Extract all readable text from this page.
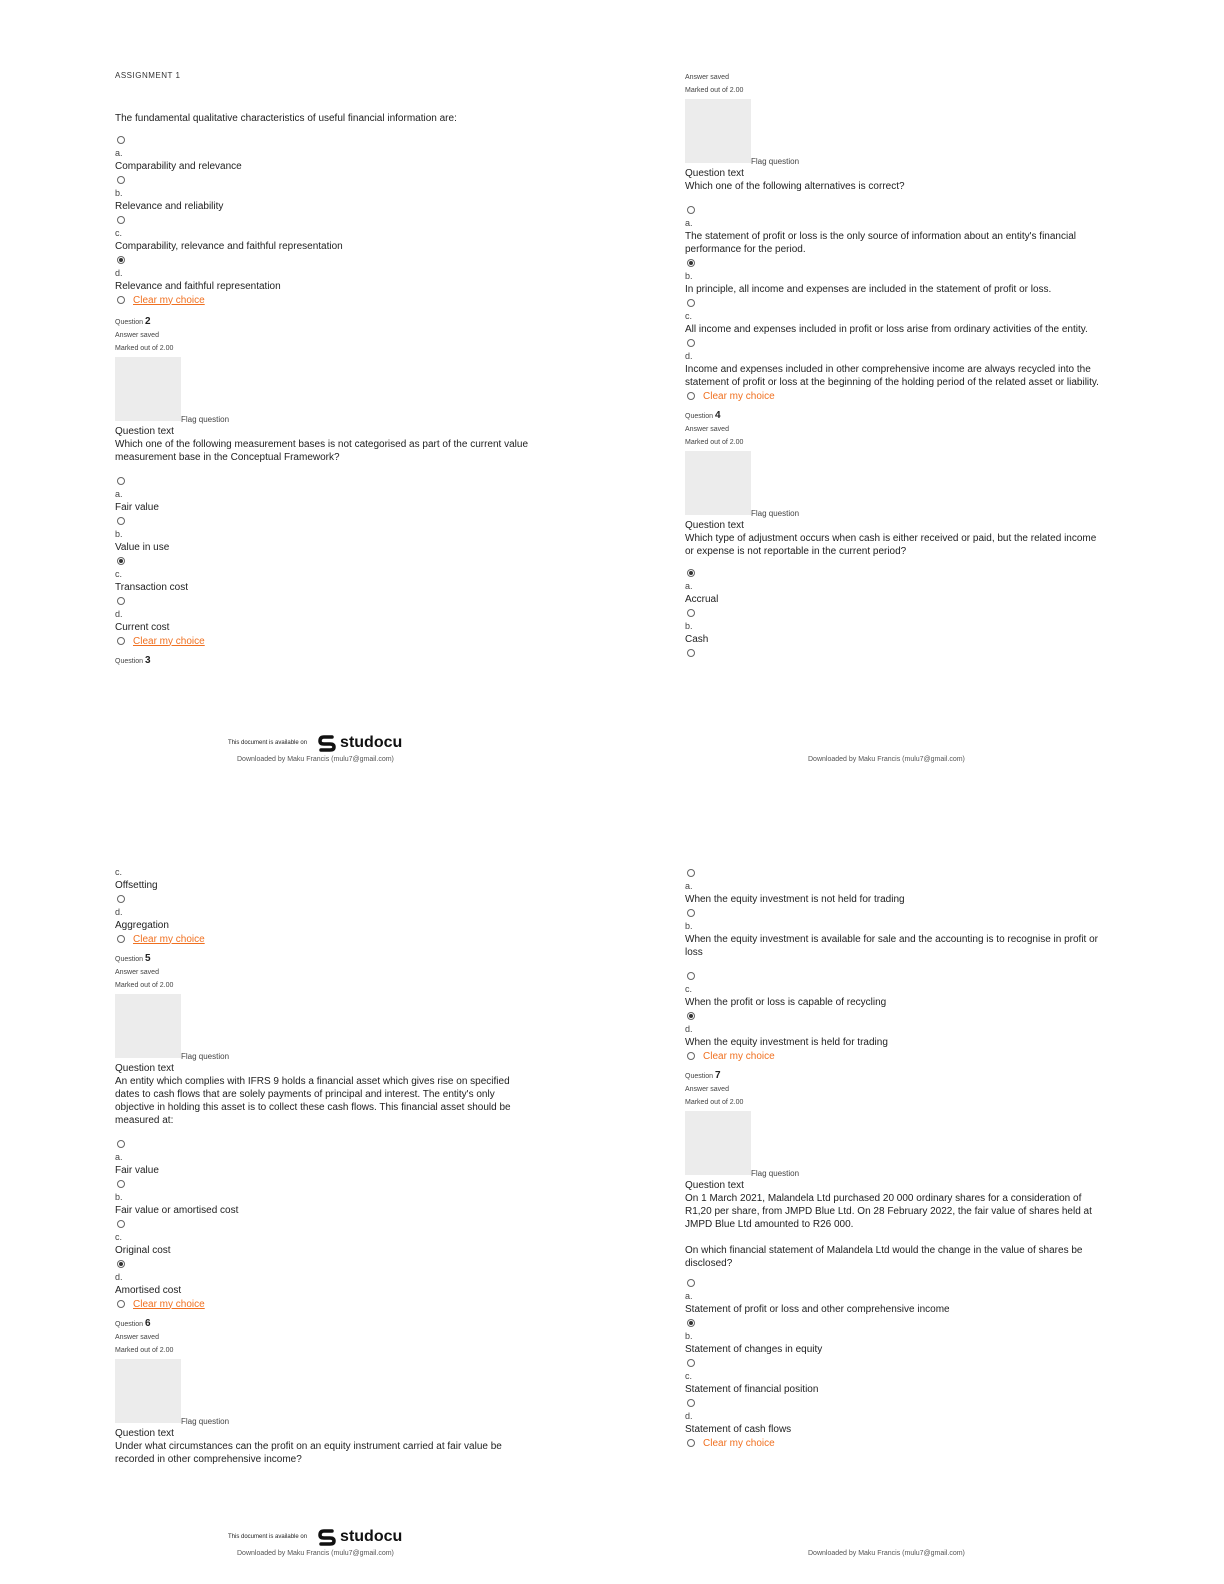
ASSIGNMENT 1
The fundamental qualitative characteristics of useful financial information are:
a.
Comparability and relevance
b.
Relevance and reliability
c.
Comparability, relevance and faithful representation
d.
Relevance and faithful representation
Clear my choice
Question 2
Answer saved
Marked out of 2.00
Flag question
Question text
Which one of the following measurement bases is not categorised as part of the current value measurement base in the Conceptual Framework?
a.
Fair value
b.
Value in use
c.
Transaction cost
d.
Current cost
Clear my choice
Question 3
This document is available on studocu
Downloaded by Maku Francis (mulu7@gmail.com)
Answer saved
Marked out of 2.00
Flag question
Question text
Which one of the following alternatives is correct?
a.
The statement of profit or loss is the only source of information about an entity's financial performance for the period.
b.
In principle, all income and expenses are included in the statement of profit or loss.
c.
All income and expenses included in profit or loss arise from ordinary activities of the entity.
d.
Income and expenses included in other comprehensive income are always recycled into the statement of profit or loss at the beginning of the holding period of the related asset or liability.
Clear my choice
Question 4
Answer saved
Marked out of 2.00
Flag question
Question text
Which type of adjustment occurs when cash is either received or paid, but the related income or expense is not reportable in the current period?
a.
Accrual
b.
Cash
Downloaded by Maku Francis (mulu7@gmail.com)
c.
Offsetting
d.
Aggregation
Clear my choice
Question 5
Answer saved
Marked out of 2.00
Flag question
Question text
An entity which complies with IFRS 9 holds a financial asset which gives rise on specified dates to cash flows that are solely payments of principal and interest. The entity's only objective in holding this asset is to collect these cash flows. This financial asset should be measured at:
a.
Fair value
b.
Fair value or amortised cost
c.
Original cost
d.
Amortised cost
Clear my choice
Question 6
Answer saved
Marked out of 2.00
Flag question
Question text
Under what circumstances can the profit on an equity instrument carried at fair value be recorded in other comprehensive income?
This document is available on studocu
Downloaded by Maku Francis (mulu7@gmail.com)
a.
When the equity investment is not held for trading
b.
When the equity investment is available for sale and the accounting is to recognise in profit or loss
c.
When the profit or loss is capable of recycling
d.
When the equity investment is held for trading
Clear my choice
Question 7
Answer saved
Marked out of 2.00
Flag question
Question text
On 1 March 2021, Malandela Ltd purchased 20 000 ordinary shares for a consideration of R1,20 per share, from JMPD Blue Ltd. On 28 February 2022, the fair value of shares held at JMPD Blue Ltd amounted to R26 000.
On which financial statement of Malandela Ltd would the change in the value of shares be disclosed?
a.
Statement of profit or loss and other comprehensive income
b.
Statement of changes in equity
c.
Statement of financial position
d.
Statement of cash flows
Clear my choice
Downloaded by Maku Francis (mulu7@gmail.com)
